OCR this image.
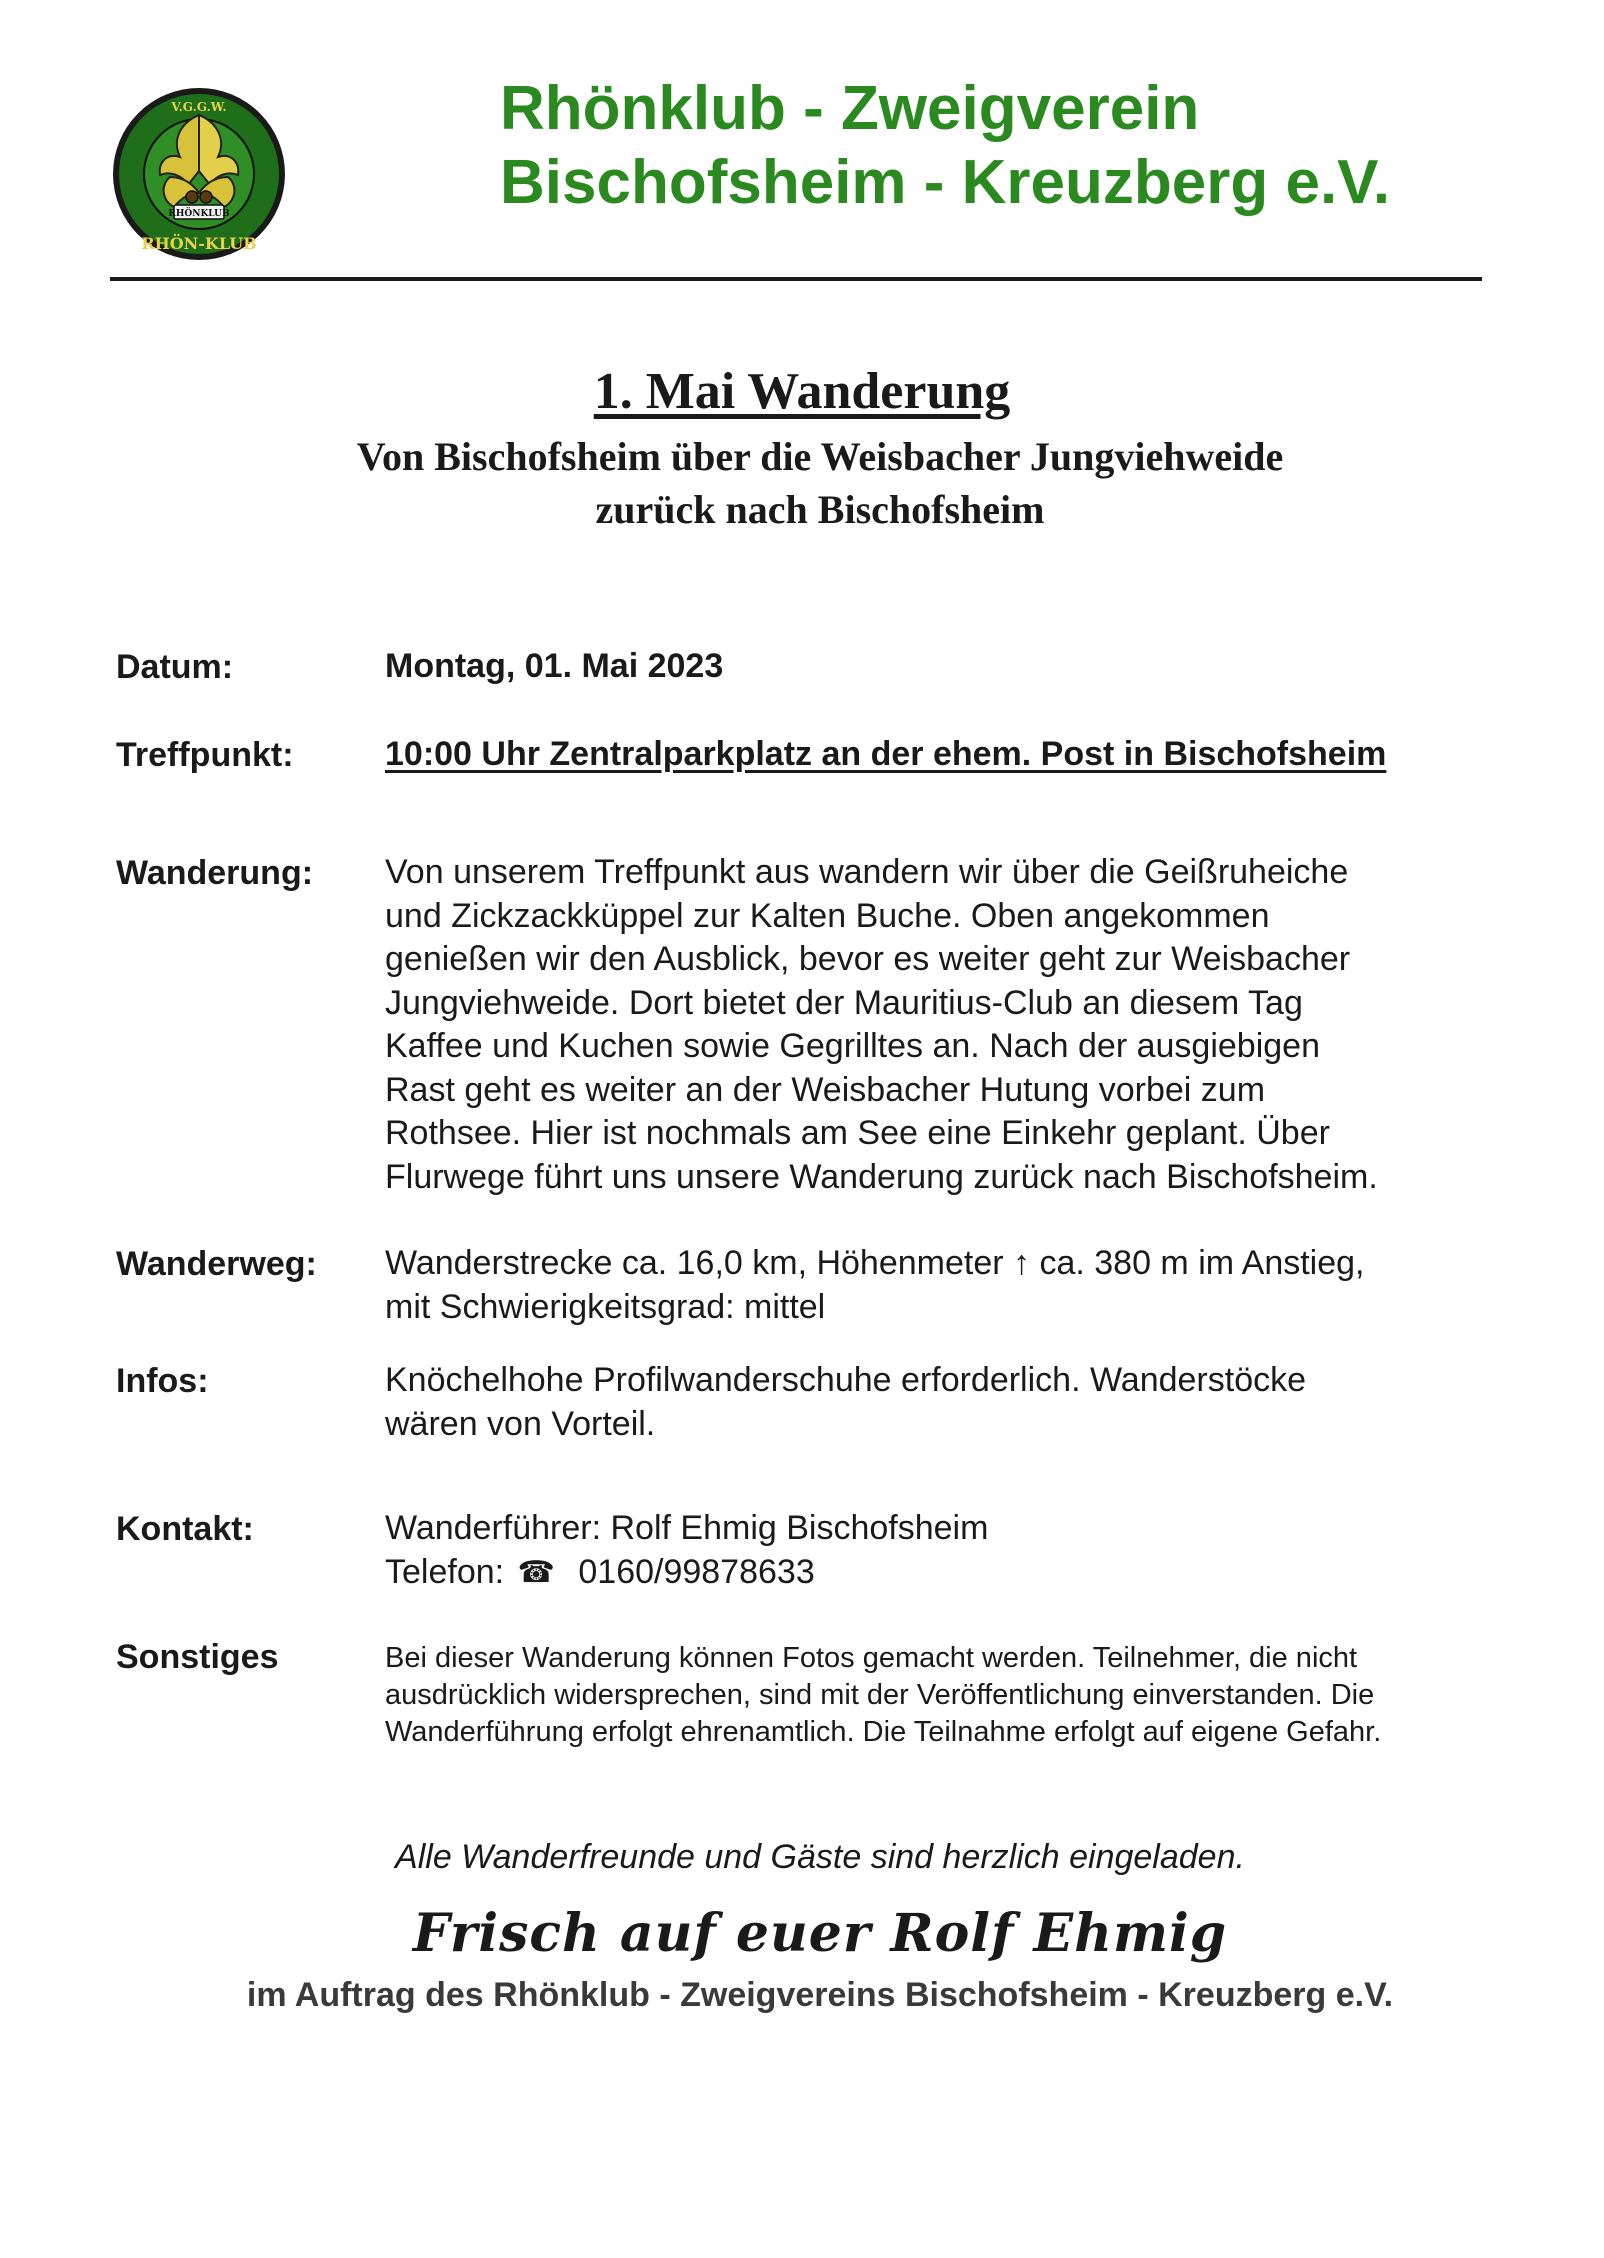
RHÖNKLUB
V.G.G.W.
RHÖN-KLUB
Rhönklub - Zweigverein
Bischofsheim - Kreuzberg e.V.
1. Mai Wanderung
Von Bischofsheim über die Weisbacher Jungviehweide
zurück nach Bischofsheim
Datum:	Montag, 01. Mai 2023
Treffpunkt:	10:00 Uhr Zentralparkplatz an der ehem. Post in Bischofsheim
Wanderung: Von unserem Treffpunkt aus wandern wir über die Geißruheiche
und Zickzackküppel zur Kalten Buche. Oben angekommen
genießen wir den Ausblick, bevor es weiter geht zur Weisbacher
Jungviehweide. Dort bietet der Mauritius-Club an diesem Tag
Kaffee und Kuchen sowie Gegrilltes an. Nach der ausgiebigen
Rast geht es weiter an der Weisbacher Hutung vorbei zum
Rothsee. Hier ist nochmals am See eine Einkehr geplant. Über
Flurwege führt uns unsere Wanderung zurück nach Bischofsheim.
Wanderweg: Wanderstrecke ca. 16,0 km, Höhenmeter ↑ ca. 380 m im Anstieg,
mit Schwierigkeitsgrad: mittel
Infos:	Knöchelhohe Profilwanderschuhe erforderlich. Wanderstöcke
wären von Vorteil.
Kontakt:	Wanderführer: Rolf Ehmig Bischofsheim
Telefon: ☎ 0160/99878633
Sonstiges	Bei dieser Wanderung können Fotos gemacht werden. Teilnehmer, die nicht
ausdrücklich widersprechen, sind mit der Veröffentlichung einverstanden. Die
Wanderführung erfolgt ehrenamtlich. Die Teilnahme erfolgt auf eigene Gefahr.
Alle Wanderfreunde und Gäste sind herzlich eingeladen.
Frisch auf euer Rolf Ehmig
im Auftrag des Rhönklub - Zweigvereins Bischofsheim - Kreuzberg e.V.
